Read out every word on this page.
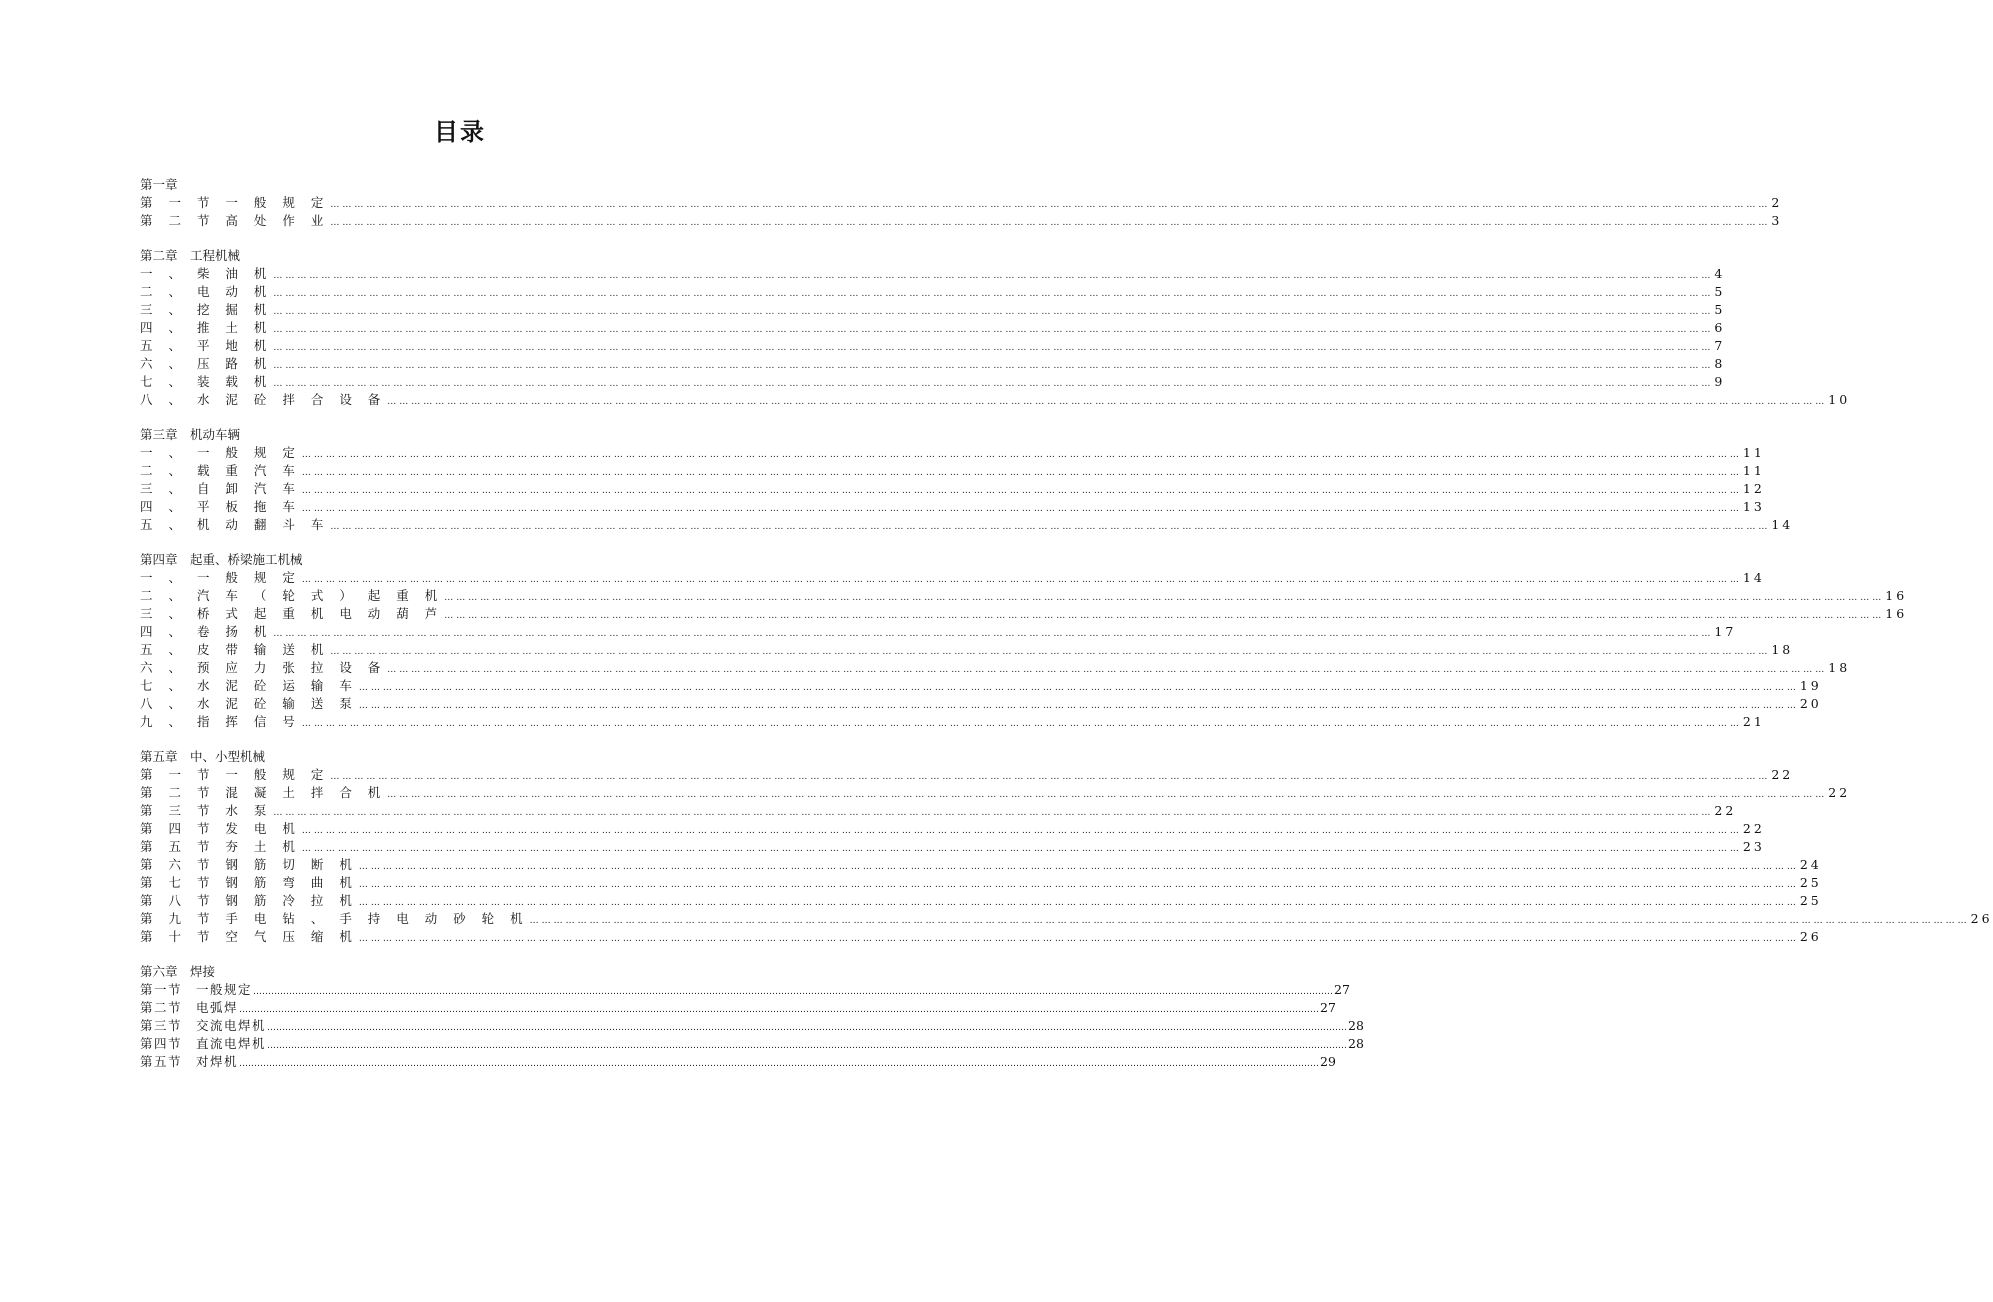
目录
第一章
第 一 节 一 般 规 定 ……………………………………………………………………………………………………………………………………………………………………………………………………………………………………………………………………………………………………………………………… 2
第 二 节 高 处 作 业 ……………………………………………………………………………………………………………………………………………………………………………………………………………………………………………………………………………………………………………………………… 3
第二章　工程机械
一 、 柴 油 机 ……………………………………………………………………………………………………………………………………………………………………………………………………………………………………………………………………………………………………………………………… 4
二 、 电 动 机 ……………………………………………………………………………………………………………………………………………………………………………………………………………………………………………………………………………………………………………………………… 5
三 、 挖 掘 机 ……………………………………………………………………………………………………………………………………………………………………………………………………………………………………………………………………………………………………………………………… 5
四 、 推 土 机 ……………………………………………………………………………………………………………………………………………………………………………………………………………………………………………………………………………………………………………………………… 6
五 、 平 地 机 ……………………………………………………………………………………………………………………………………………………………………………………………………………………………………………………………………………………………………………………………… 7
六 、 压 路 机 ……………………………………………………………………………………………………………………………………………………………………………………………………………………………………………………………………………………………………………………………… 8
七 、 装 载 机 ……………………………………………………………………………………………………………………………………………………………………………………………………………………………………………………………………………………………………………………………… 9
八 、 水 泥 砼 拌 合 设 备 ……………………………………………………………………………………………………………………………………………………………………………………………………………………………………………………………………………………………………………………………… 10
第三章　机动车辆
一 、 一 般 规 定 ……………………………………………………………………………………………………………………………………………………………………………………………………………………………………………………………………………………………………………………………… 11
二 、 载 重 汽 车 ……………………………………………………………………………………………………………………………………………………………………………………………………………………………………………………………………………………………………………………………… 11
三 、 自 卸 汽 车 ……………………………………………………………………………………………………………………………………………………………………………………………………………………………………………………………………………………………………………………………… 12
四 、 平 板 拖 车 ……………………………………………………………………………………………………………………………………………………………………………………………………………………………………………………………………………………………………………………………… 13
五 、 机 动 翻 斗 车 ……………………………………………………………………………………………………………………………………………………………………………………………………………………………………………………………………………………………………………………………… 14
第四章　起重、桥梁施工机械
一 、 一 般 规 定 ……………………………………………………………………………………………………………………………………………………………………………………………………………………………………………………………………………………………………………………………… 14
二 、 汽 车 （ 轮 式 ） 起 重 机 ……………………………………………………………………………………………………………………………………………………………………………………………………………………………………………………………………………………………………………………………… 16
三 、 桥 式 起 重 机 电 动 葫 芦 ……………………………………………………………………………………………………………………………………………………………………………………………………………………………………………………………………………………………………………………………… 16
四 、 卷 扬 机 ……………………………………………………………………………………………………………………………………………………………………………………………………………………………………………………………………………………………………………………………… 17
五 、 皮 带 输 送 机 ……………………………………………………………………………………………………………………………………………………………………………………………………………………………………………………………………………………………………………………………… 18
六 、 预 应 力 张 拉 设 备 ……………………………………………………………………………………………………………………………………………………………………………………………………………………………………………………………………………………………………………………………… 18
七 、 水 泥 砼 运 输 车 ……………………………………………………………………………………………………………………………………………………………………………………………………………………………………………………………………………………………………………………………… 19
八 、 水 泥 砼 输 送 泵 ……………………………………………………………………………………………………………………………………………………………………………………………………………………………………………………………………………………………………………………………… 20
九 、 指 挥 信 号 ……………………………………………………………………………………………………………………………………………………………………………………………………………………………………………………………………………………………………………………………… 21
第五章　中、小型机械
第 一 节 一 般 规 定 ……………………………………………………………………………………………………………………………………………………………………………………………………………………………………………………………………………………………………………………………… 22
第 二 节 混 凝 土 拌 合 机 ……………………………………………………………………………………………………………………………………………………………………………………………………………………………………………………………………………………………………………………………… 22
第 三 节 水 泵 ……………………………………………………………………………………………………………………………………………………………………………………………………………………………………………………………………………………………………………………………… 22
第 四 节 发 电 机 ……………………………………………………………………………………………………………………………………………………………………………………………………………………………………………………………………………………………………………………………… 22
第 五 节 夯 土 机 ……………………………………………………………………………………………………………………………………………………………………………………………………………………………………………………………………………………………………………………………… 23
第 六 节 钢 筋 切 断 机 ……………………………………………………………………………………………………………………………………………………………………………………………………………………………………………………………………………………………………………………………… 24
第 七 节 钢 筋 弯 曲 机 ……………………………………………………………………………………………………………………………………………………………………………………………………………………………………………………………………………………………………………………………… 25
第 八 节 钢 筋 冷 拉 机 ……………………………………………………………………………………………………………………………………………………………………………………………………………………………………………………………………………………………………………………………… 25
第 九 节 手 电 钻 、 手 持 电 动 砂 轮 机 ……………………………………………………………………………………………………………………………………………………………………………………………………………………………………………………………………………………………………………………………… 26
第 十 节 空 气 压 缩 机 ……………………………………………………………………………………………………………………………………………………………………………………………………………………………………………………………………………………………………………………………… 26
第六章　焊接
第一节　一般规定 ……………………………………………………………………………………………………………………………………………………………………………………………………………………………………………………………………………………………………………………………… 27
第二节　电弧焊 ……………………………………………………………………………………………………………………………………………………………………………………………………………………………………………………………………………………………………………………………… 27
第三节　交流电焊机 ……………………………………………………………………………………………………………………………………………………………………………………………………………………………………………………………………………………………………………………………… 28
第四节　直流电焊机 ……………………………………………………………………………………………………………………………………………………………………………………………………………………………………………………………………………………………………………………………… 28
第五节　对焊机 ……………………………………………………………………………………………………………………………………………………………………………………………………………………………………………………………………………………………………………………………… 29
